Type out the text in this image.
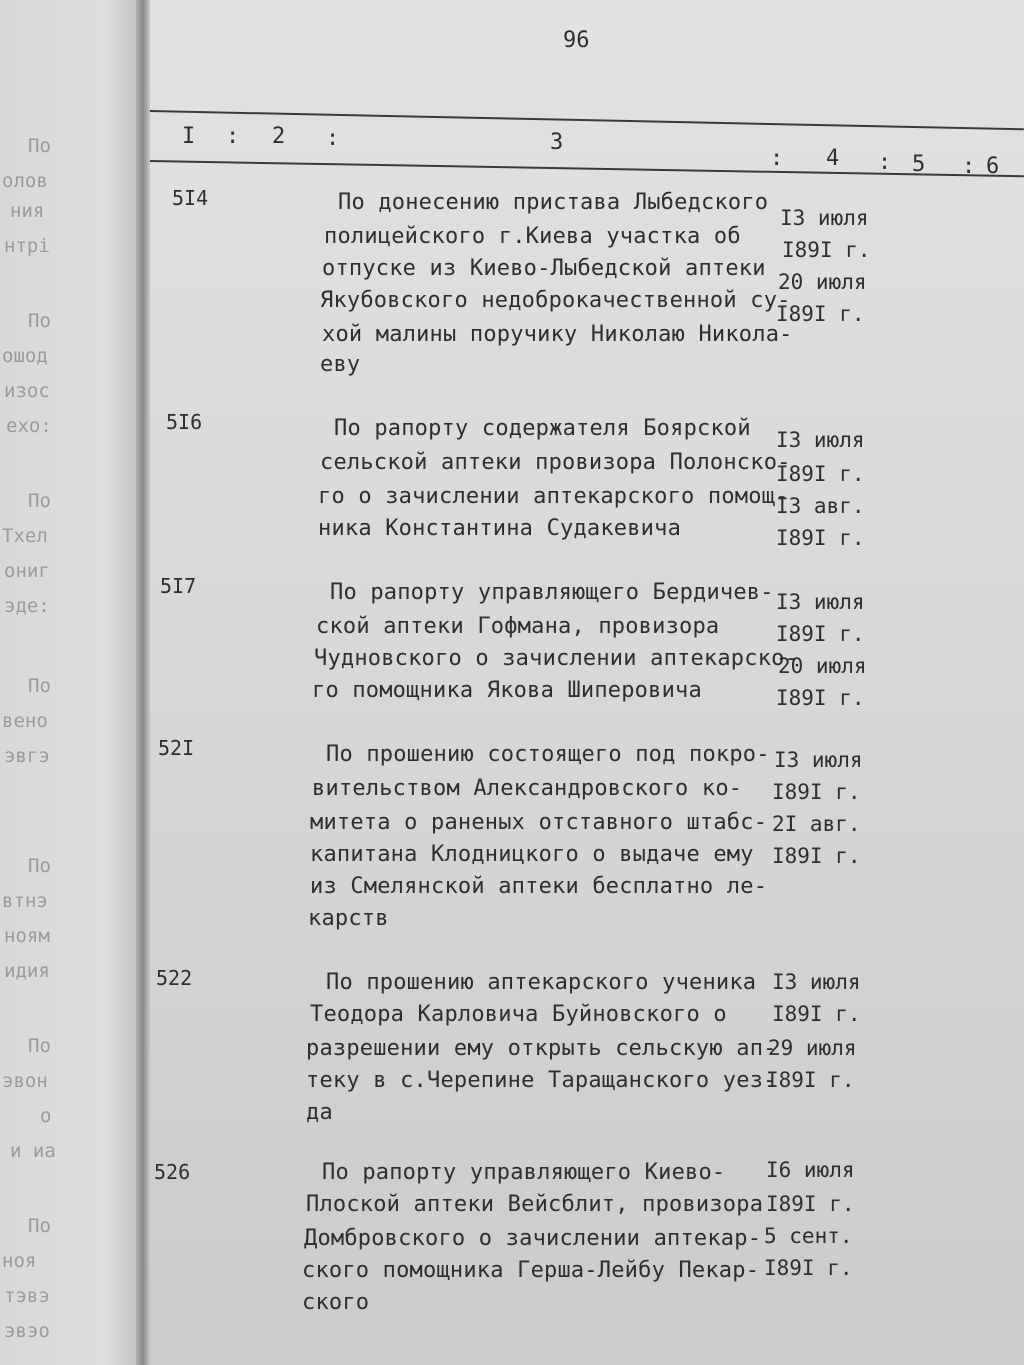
По
олов
ния
нтрі
По
ошод
изос
ехо:
По
Тхел
ониг
эде:
По
вено
эвгэ
По
втнэ
ноям
идия
По
эвон
о
и иа
По
ноя
тэвэ
эвэо
96
I : 2 :	3
: 4 : 5 : 6
5I4	По донесению пристава Лыбедского
полицейского г.Киева участка об
отпуске из Киево-Лыбедской аптеки
Якубовского недоброкачественной су-
хой малины поручику Николаю Никола-
еву
I3 июля
I89I г.
20 июля
I89I г.
5I6	По рапорту содержателя Боярской
сельской аптеки провизора Полонско-
го о зачислении аптекарского помощ-
ника Константина Судакевича
I3 июля
I89I г.
I3 авг.
I89I г.
5I7	По рапорту управляющего Бердичев-
ской аптеки Гофмана, провизора
Чудновского о зачислении аптекарско-
го помощника Якова Шиперовича
I3 июля
I89I г.
20 июля
I89I г.
52I	По прошению состоящего под покро-
вительством Александровского ко-
митета о раненых отставного штабс-
капитана Клодницкого о выдаче ему
из Смелянской аптеки бесплатно ле-
карств
I3 июля
I89I г.
2I авг.
I89I г.
522	По прошению аптекарского ученика
Теодора Карловича Буйновского о
разрешении ему открыть сельскую ап-
теку в с.Черепине Таращанского уез-
да
I3 июля
I89I г.
29 июля
I89I г.
526	По рапорту управляющего Киево-
Плоской аптеки Вейсблит, провизора
Домбровского о зачислении аптекар-
ского помощника Герша-Лейбу Пекар-
ского
I6 июля
I89I г.
5 сент.
I89I г.
